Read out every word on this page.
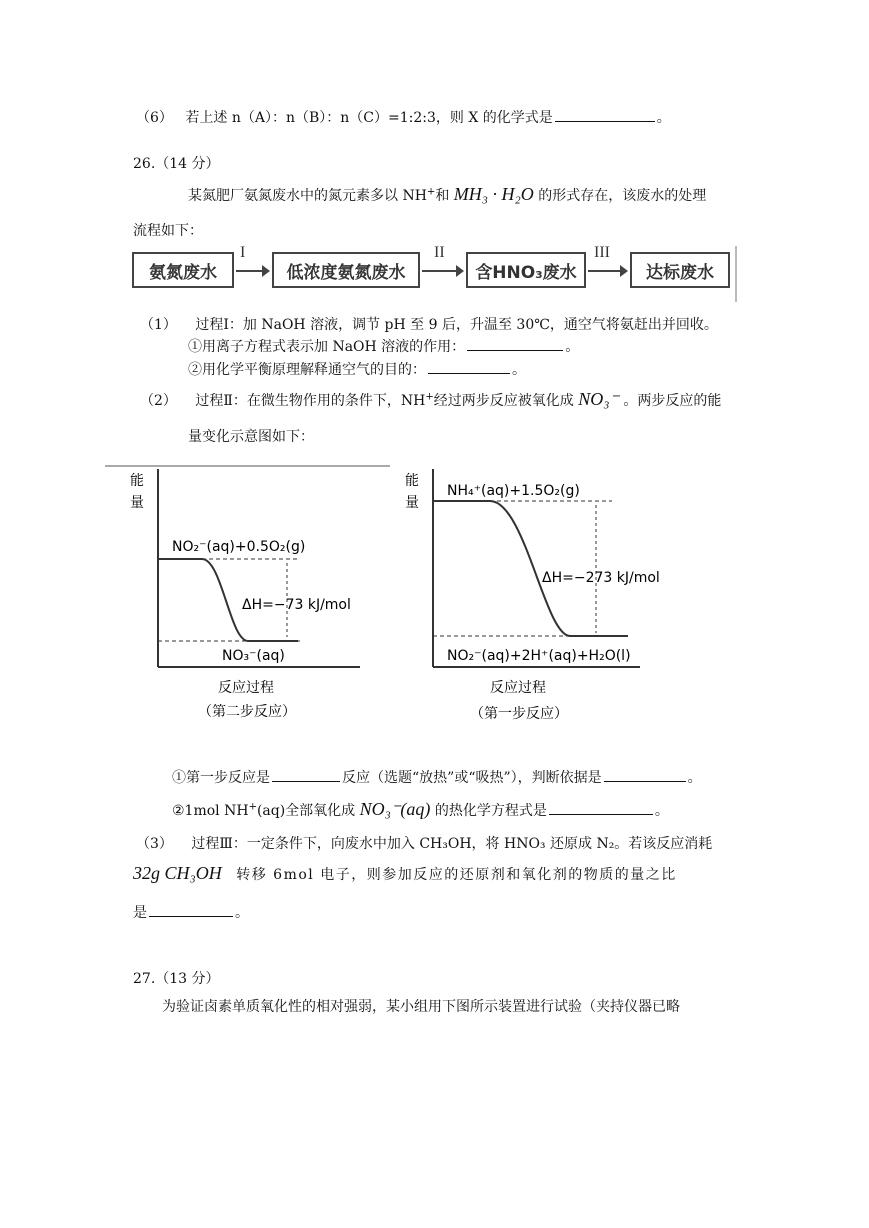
（6） 若上述 n（A）：n（B）：n（C）=1:2:3，则 X 的化学式是	。
26.（14 分）
某氮肥厂氨氮废水中的氮元素多以 NH+和 MH₃ · H₂O 的形式存在，该废水的处理
流程如下：
氨氮废水
I
低浓度氨氮废水
II
含HNO₃废水
III
达标废水
（1） 过程Ⅰ：加 NaOH 溶液，调节 pH 至 9 后，升温至 30℃，通空气将氨赶出并回收。
①用离子方程式表示加 NaOH 溶液的作用：	。
②用化学平衡原理解释通空气的目的：	。
（2） 过程Ⅱ：在微生物作用的条件下，NH+经过两步反应被氧化成 NO₃⁻ 。两步反应的能
量变化示意图如下：
能
量
NO₂⁻(aq)+0.5O₂(g)
ΔH=−73 kJ/mol
NO₃⁻(aq)
反应过程
（第二步反应）
能
量
NH₄⁺(aq)+1.5O₂(g)
ΔH=−273 kJ/mol
NO₂⁻(aq)+2H⁺(aq)+H₂O(l)
反应过程
（第一步反应）
①第一步反应是	反应（选题“放热”或“吸热”），判断依据是	。
②1mol NH+(aq)全部氧化成 NO₃⁻(aq) 的热化学方程式是	。
（3） 过程Ⅲ：一定条件下，向废水中加入 CH₃OH，将 HNO₃ 还原成 N₂。若该反应消耗
32g CH₃OH 转移 6mol 电子，则参加反应的还原剂和氧化剂的物质的量之比
是	。
27.（13 分）
为验证卤素单质氧化性的相对强弱，某小组用下图所示装置进行试验（夹持仪器已略
